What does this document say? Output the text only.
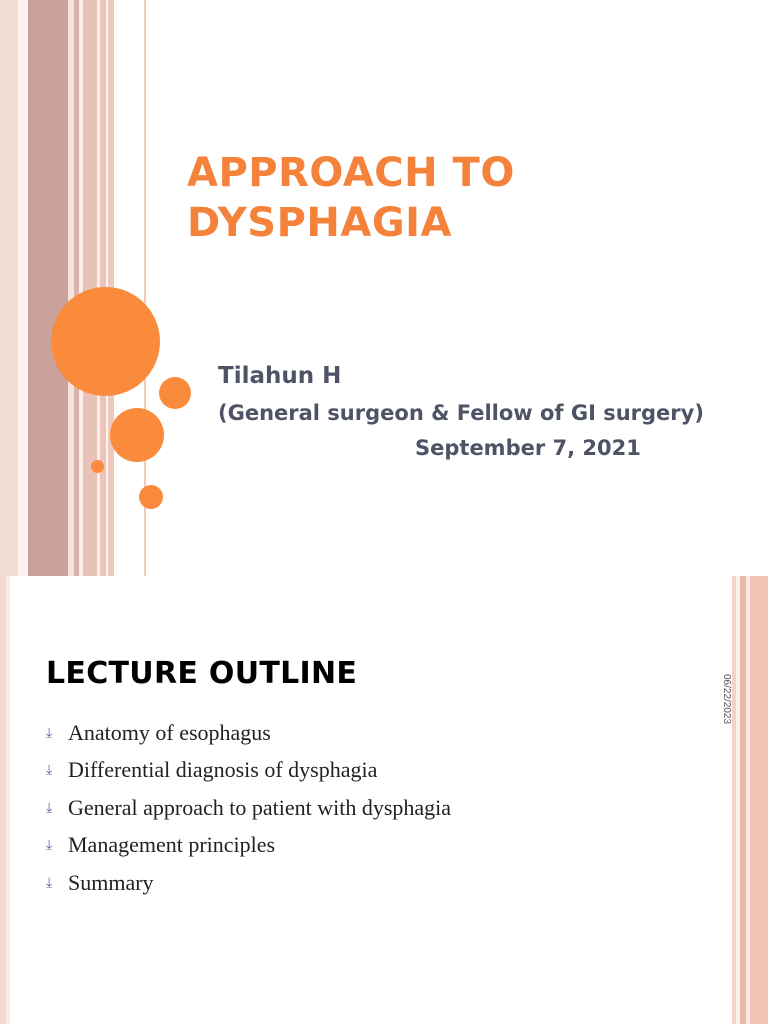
APPROACH TO
DYSPHAGIA
Tilahun H
(General surgeon & Fellow of GI surgery)
September 7, 2021
LECTURE OUTLINE
⤓ Anatomy of esophagus
⤓ Differential diagnosis of dysphagia
⤓ General approach to patient with dysphagia
⤓ Management principles
⤓ Summary
06/22/2023
